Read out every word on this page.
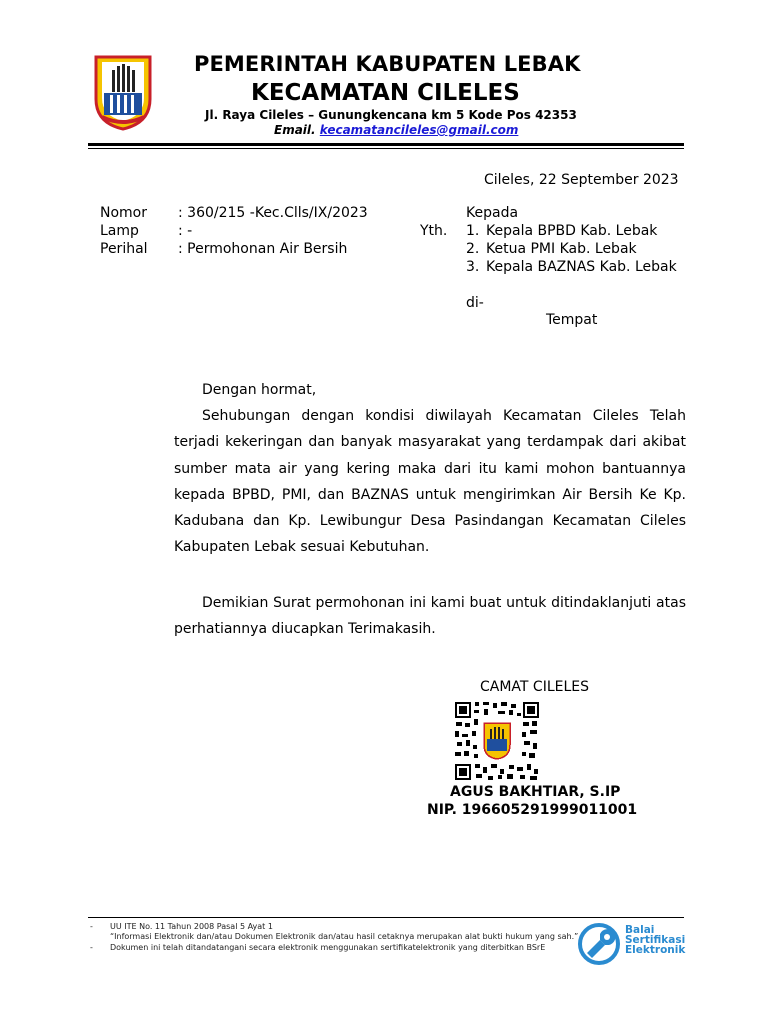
PEMERINTAH KABUPATEN LEBAK
KECAMATAN CILELES
Jl. Raya Cileles – Gunungkencana km 5 Kode Pos 42353
Email. kecamatancileles@gmail.com
Cileles, 22 September 2023
Nomor : 360/215 -Kec.Clls/IX/2023
Lamp	: -
Perihal : Permohonan Air Bersih
Kepada
Yth. 1. Kepala BPBD Kab. Lebak
2. Ketua PMI Kab. Lebak
3. Kepala BAZNAS Kab. Lebak
di-
Tempat
Dengan hormat,

Sehubungan dengan kondisi diwilayah Kecamatan Cileles Telah terjadi kekeringan dan banyak masyarakat yang terdampak dari akibat sumber mata air yang kering maka dari itu kami mohon bantuannya kepada BPBD, PMI, dan BAZNAS untuk mengirimkan Air Bersih Ke Kp. Kadubana dan Kp. Lewibungur Desa Pasindangan Kecamatan Cileles Kabupaten Lebak sesuai Kebutuhan.

Demikian Surat permohonan ini kami buat untuk ditindaklanjuti atas perhatiannya diucapkan Terimakasih.

CAMAT CILELES
AGUS BAKHTIAR, S.IP
NIP. 196605291999011001
- UU ITE No. 11 Tahun 2008 Pasal 5 Ayat 1
“Informasi Elektronik dan/atau Dokumen Elektronik dan/atau hasil cetaknya merupakan alat bukti hukum yang sah.”
- Dokumen ini telah ditandatangani secara elektronik menggunakan sertifikatelektronik yang diterbitkan BSrE
Balai
Sertifikasi
Elektronik
